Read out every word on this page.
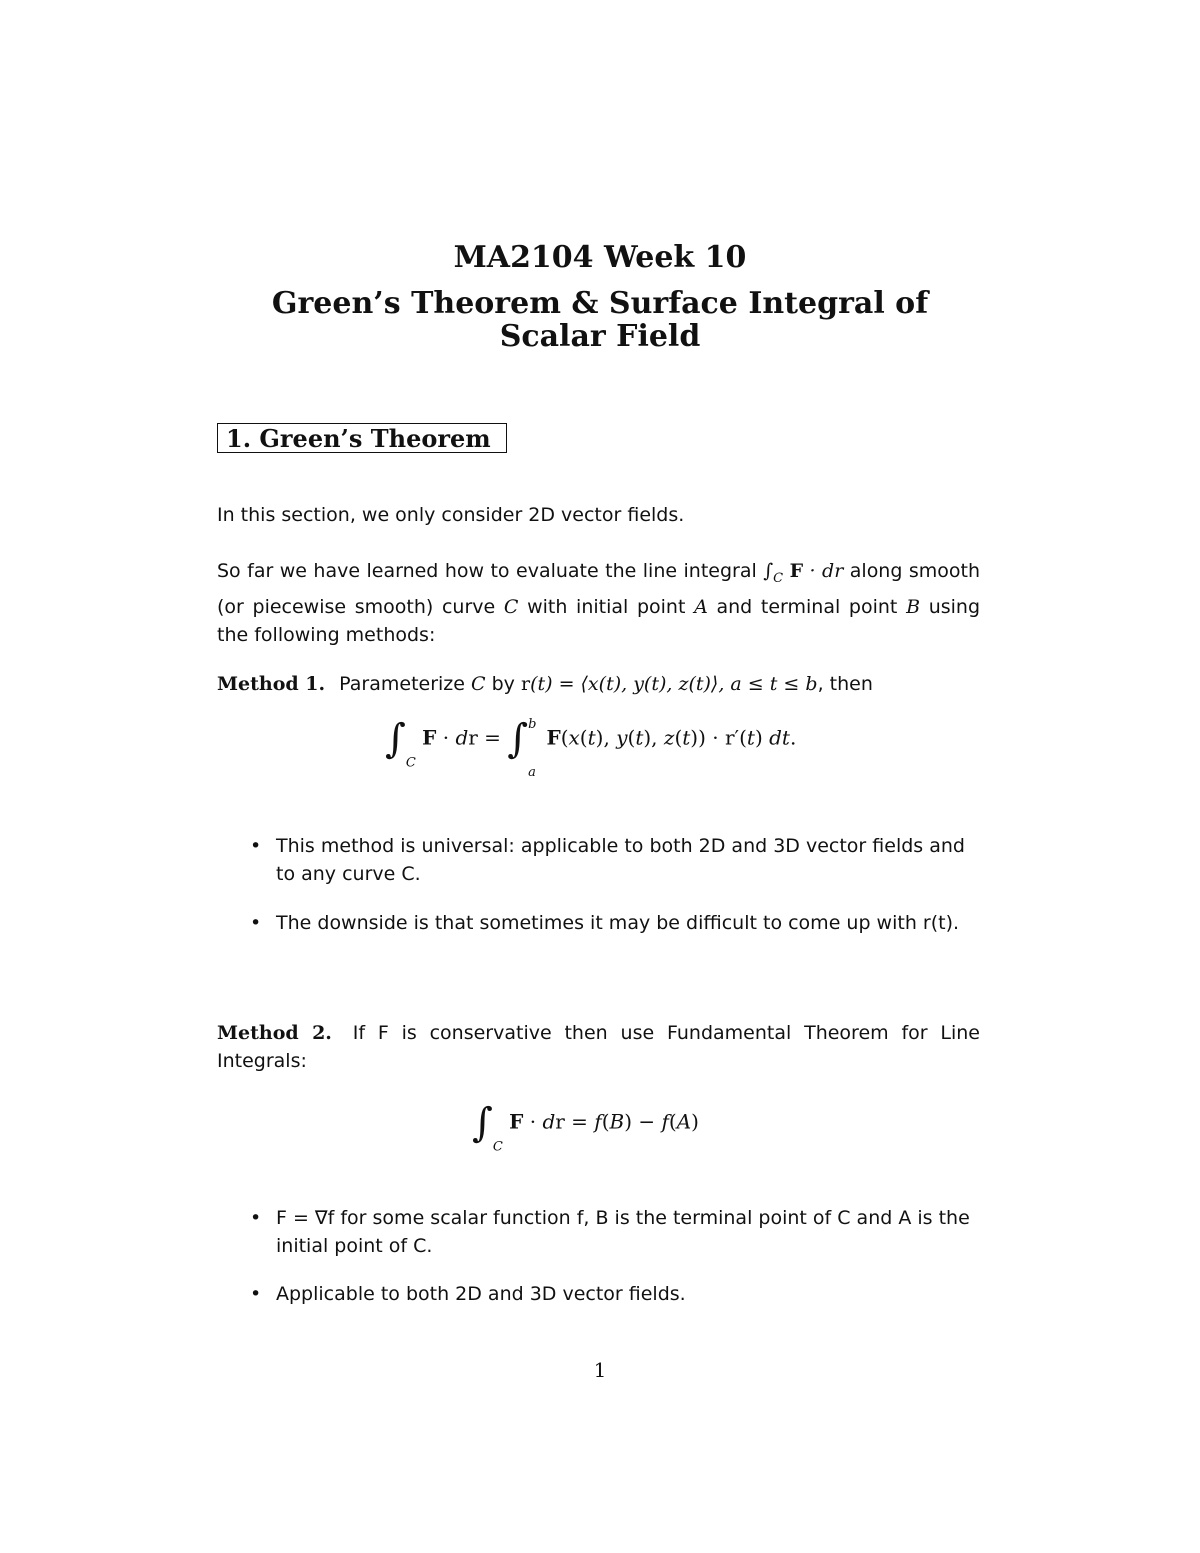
MA2104 Week 10
Green’s Theorem & Surface Integral of
Scalar Field
1. Green’s Theorem
In this section, we only consider 2D vector fields.
So far we have learned how to evaluate the line integral $\int_C$ F · dr along smooth (or piecewise smooth) curve C with initial point A and terminal point B using the following methods:
Method 1. Parameterize C by r(t) = ⟨x(t), y(t), z(t)⟩, a ≤ t ≤ b, then
$\int_C$ F · dr = ∫ b
a
F(x(t), y(t), z(t)) · r′(t) dt.
• This method is universal: applicable to both 2D and 3D vector fields and to any curve C.
• The downside is that sometimes it may be difficult to come up with r(t).
Method 2. If F is conservative then use Fundamental Theorem for Line Integrals:
$\int_C$ F · dr = f(B) − f(A)
• F = ∇f for some scalar function f, B is the terminal point of C and A is the initial point of C.
• Applicable to both 2D and 3D vector fields.
1
